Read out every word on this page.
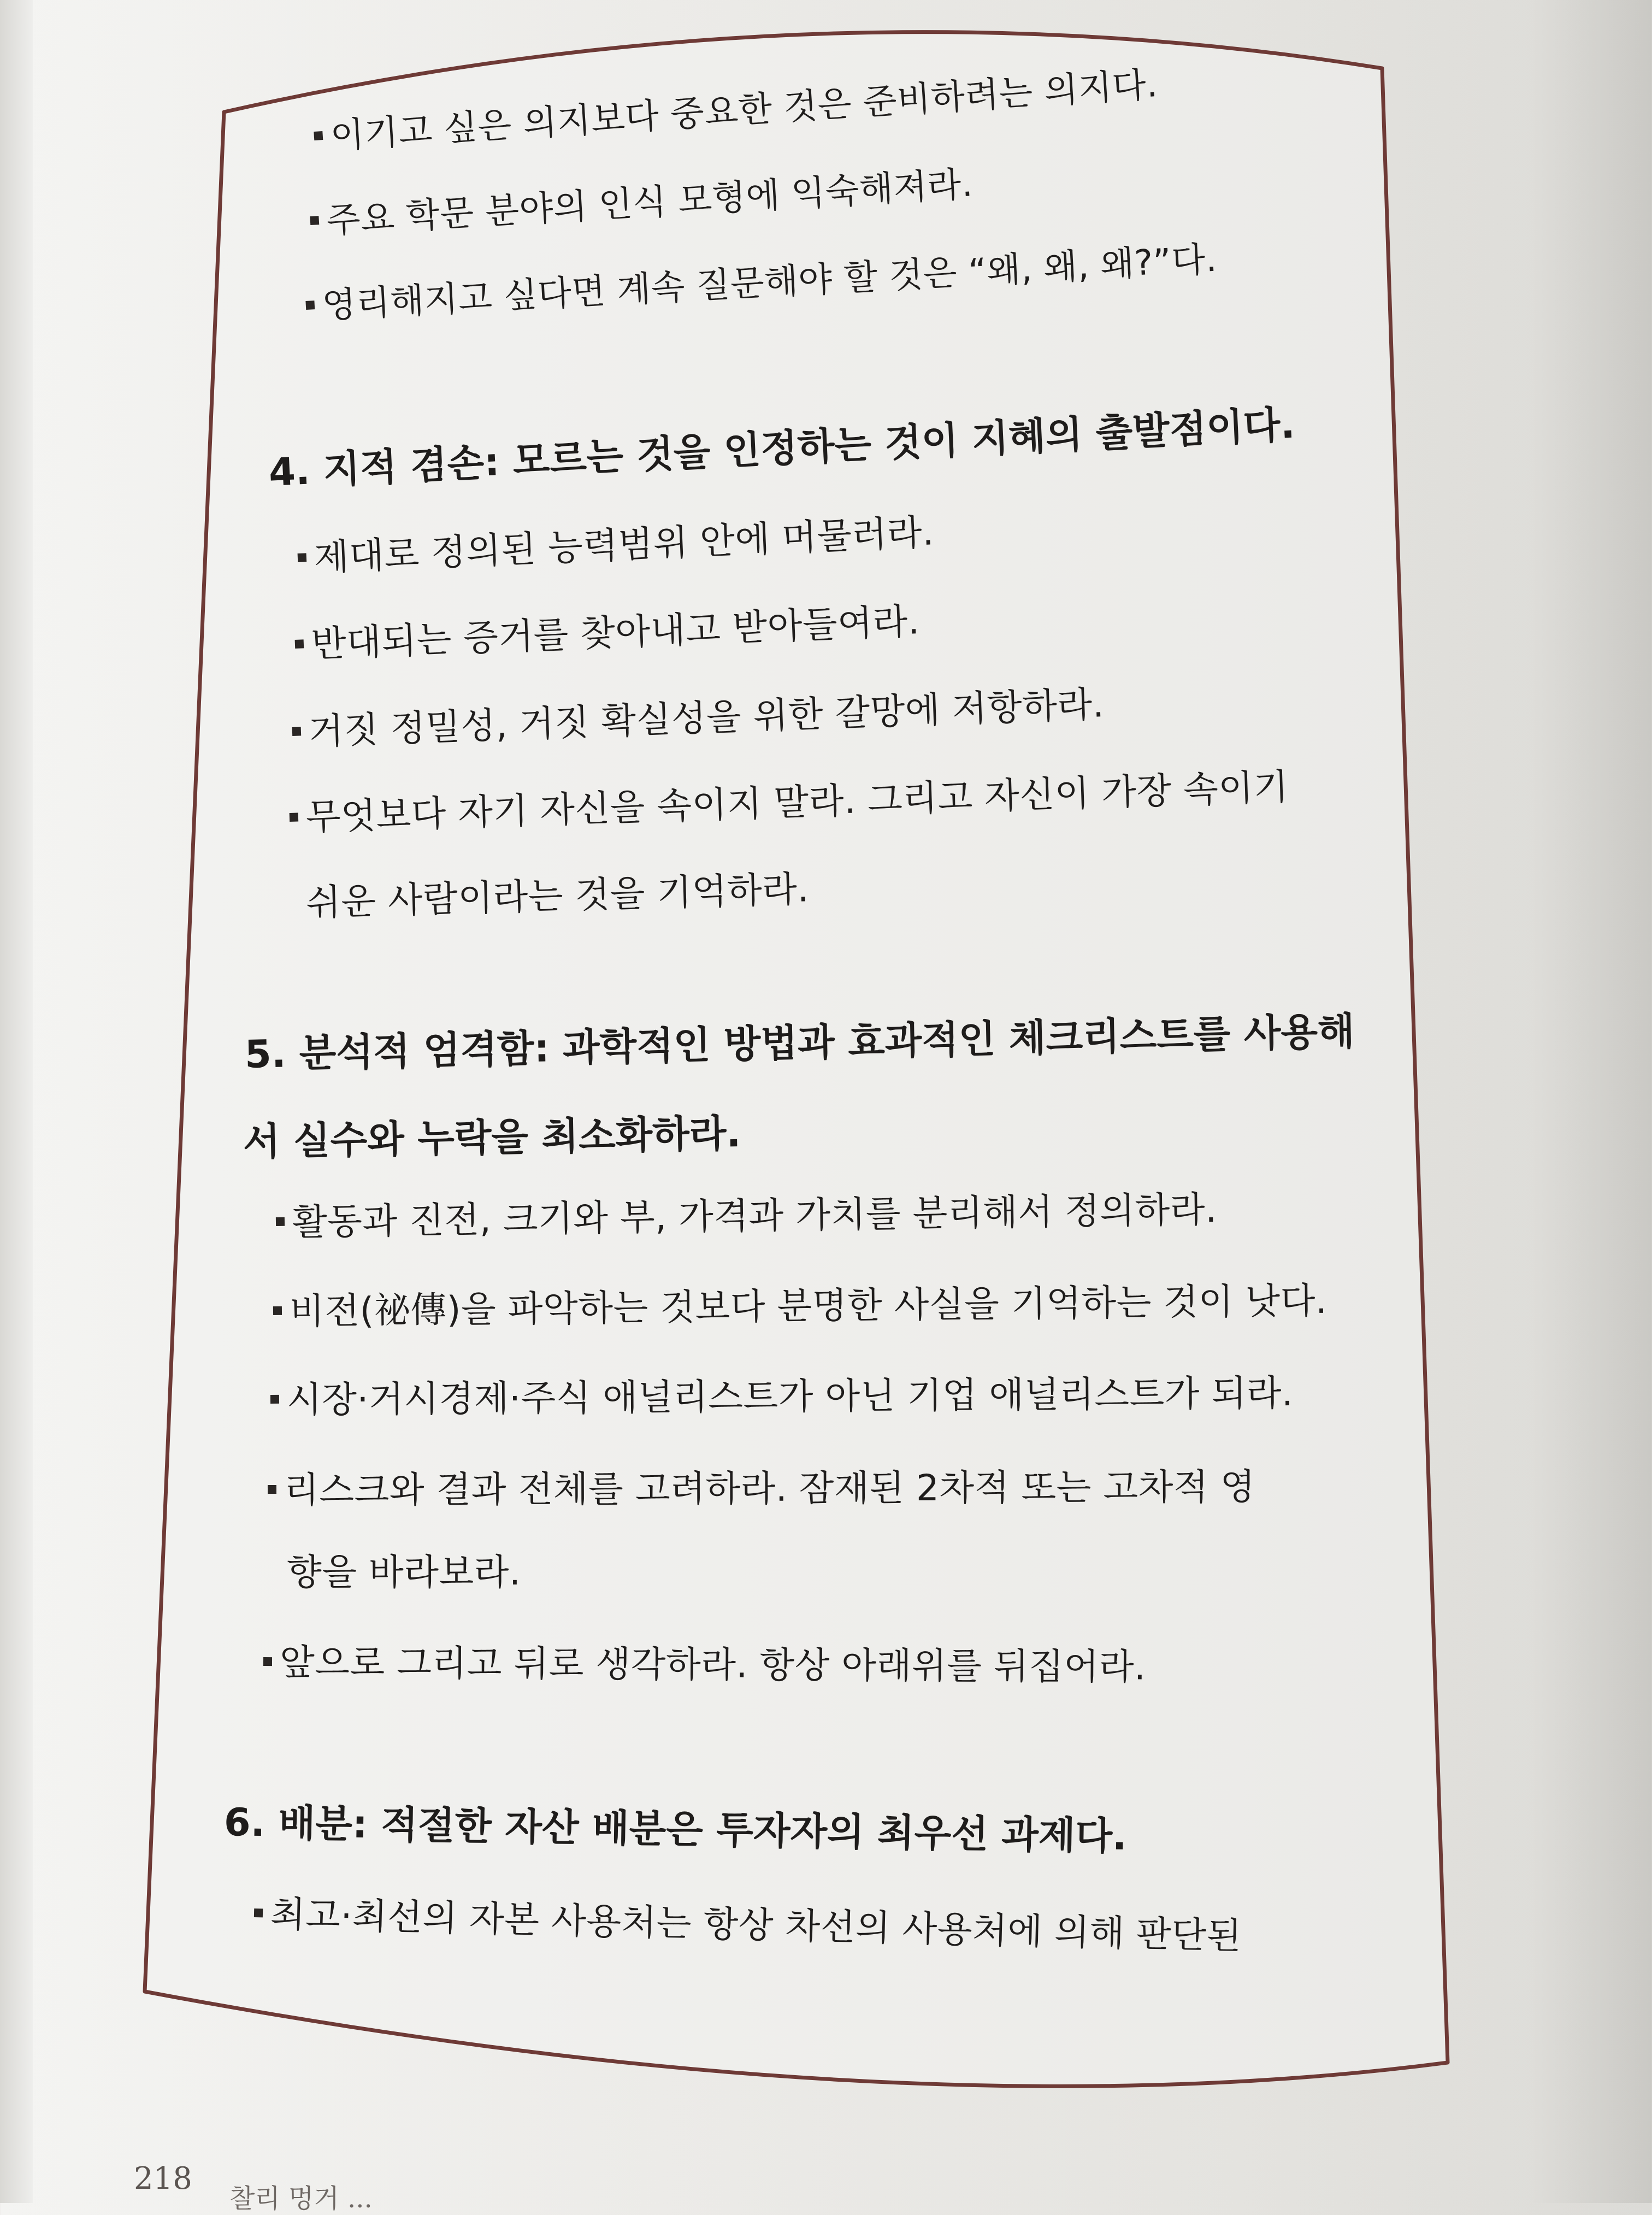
이기고 싶은 의지보다 중요한 것은 준비하려는 의지다.
주요 학문 분야의 인식 모형에 익숙해져라.
영리해지고 싶다면 계속 질문해야 할 것은 “왜, 왜, 왜?”다.
4. 지적 겸손: 모르는 것을 인정하는 것이 지혜의 출발점이다.
제대로 정의된 능력범위 안에 머물러라.
반대되는 증거를 찾아내고 받아들여라.
거짓 정밀성, 거짓 확실성을 위한 갈망에 저항하라.
무엇보다 자기 자신을 속이지 말라. 그리고 자신이 가장 속이기
쉬운 사람이라는 것을 기억하라.
5. 분석적 엄격함: 과학적인 방법과 효과적인 체크리스트를 사용해
서 실수와 누락을 최소화하라.
활동과 진전, 크기와 부, 가격과 가치를 분리해서 정의하라.
비전(祕傳)을 파악하는 것보다 분명한 사실을 기억하는 것이 낫다.
시장·거시경제·주식 애널리스트가 아닌 기업 애널리스트가 되라.
리스크와 결과 전체를 고려하라. 잠재된 2차적 또는 고차적 영
향을 바라보라.
앞으로 그리고 뒤로 생각하라. 항상 아래위를 뒤집어라.
6. 배분: 적절한 자산 배분은 투자자의 최우선 과제다.
최고·최선의 자본 사용처는 항상 차선의 사용처에 의해 판단된
218
찰리 멍거 ...
